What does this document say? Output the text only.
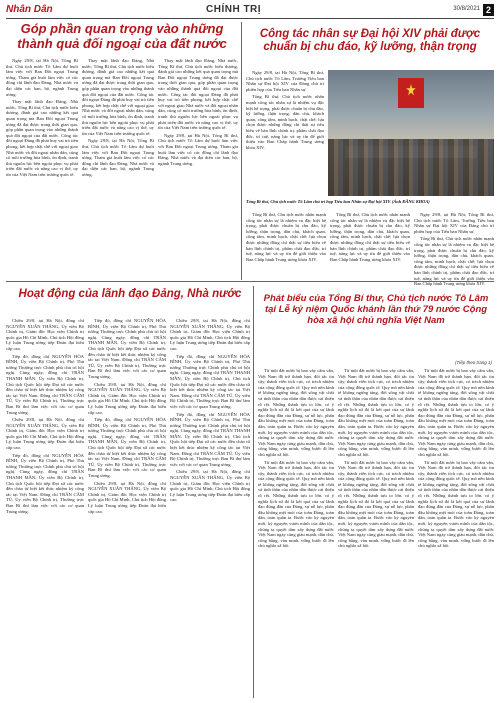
Nhân Dân	CHÍNH TRỊ	30/8/2021 2
Góp phần quan trọng vào những thành quả đối ngoại của đất nước

Ngày 29/8, tại Hà Nội, Tổng Bí thư, Chủ tịch nước Tô Lâm dự buổi làm việc với Ban Đối ngoại Trung ương. Tham gia buổi làm việc có các đồng chí lãnh đạo Đảng, Nhà nước và đại diện các ban, bộ, ngành Trung ương.

Thay mặt lãnh đạo Đảng, Nhà nước, Tổng Bí thư, Chủ tịch nước biểu dương, đánh giá cao những kết quả quan trọng mà Ban Đối ngoại Trung ương đã đạt được trong thời gian qua, góp phần quan trọng vào những thành quả đối ngoại của đất nước. Công tác đối ngoại Đảng đã phát huy vai trò tiên phong, kết hợp chặt chẽ với ngoại giao Nhà nước và đối ngoại nhân dân, củng cố môi trường hòa bình, ổn định, tranh thủ nguồn lực bên ngoài phục vụ phát triển đất nước và nâng cao vị thế, uy tín của Việt Nam trên trường quốc tế.

Thay mặt lãnh đạo Đảng, Nhà nước, Tổng Bí thư, Chủ tịch nước biểu dương, đánh giá cao những kết quả quan trọng mà Ban Đối ngoại Trung ương đã đạt được trong thời gian qua, góp phần quan trọng vào những thành quả đối ngoại của đất nước. Công tác đối ngoại Đảng đã phát huy vai trò tiên phong, kết hợp chặt chẽ với ngoại giao Nhà nước và đối ngoại nhân dân, củng cố môi trường hòa bình, ổn định, tranh thủ nguồn lực bên ngoài phục vụ phát triển đất nước và nâng cao vị thế, uy tín của Việt Nam trên trường quốc tế.

Ngày 29/8, tại Hà Nội, Tổng Bí thư, Chủ tịch nước Tô Lâm dự buổi làm việc với Ban Đối ngoại Trung ương. Tham gia buổi làm việc có các đồng chí lãnh đạo Đảng, Nhà nước và đại diện các ban, bộ, ngành Trung ương.

Thay mặt lãnh đạo Đảng, Nhà nước, Tổng Bí thư, Chủ tịch nước biểu dương, đánh giá cao những kết quả quan trọng mà Ban Đối ngoại Trung ương đã đạt được trong thời gian qua, góp phần quan trọng vào những thành quả đối ngoại của đất nước. Công tác đối ngoại Đảng đã phát huy vai trò tiên phong, kết hợp chặt chẽ với ngoại giao Nhà nước và đối ngoại nhân dân, củng cố môi trường hòa bình, ổn định, tranh thủ nguồn lực bên ngoài phục vụ phát triển đất nước và nâng cao vị thế, uy tín của Việt Nam trên trường quốc tế.

Ngày 29/8, tại Hà Nội, Tổng Bí thư, Chủ tịch nước Tô Lâm dự buổi làm việc với Ban Đối ngoại Trung ương. Tham gia buổi làm việc có các đồng chí lãnh đạo Đảng, Nhà nước và đại diện các ban, bộ, ngành Trung ương.

Công tác nhân sự Đại hội XIV phải được chuẩn bị chu đáo, kỹ lưỡng, thận trọng

Ngày 29/8, tại Hà Nội, Tổng Bí thư, Chủ tịch nước Tô Lâm, Trưởng Tiểu ban Nhân sự Đại hội XIV của Đảng chủ trì phiên họp của Tiểu ban Nhân sự.

Tổng Bí thư, Chủ tịch nước nhấn mạnh công tác nhân sự là nhiệm vụ đặc biệt hệ trọng, phải được chuẩn bị chu đáo, kỹ lưỡng, thận trọng, dân chủ, khách quan, công tâm, minh bạch, chặt chẽ; lựa chọn được những đồng chí thật sự tiêu biểu về bản lĩnh chính trị, phẩm chất đạo đức, trí tuệ, năng lực và uy tín để giới thiệu vào Ban Chấp hành Trung ương khóa XIV.

Tổng Bí thư, Chủ tịch nước Tô Lâm chủ trì họp Tiểu ban Nhân sự Đại hội XIV. (Ảnh ĐĂNG KHOA)

Tổng Bí thư, Chủ tịch nước nhấn mạnh công tác nhân sự là nhiệm vụ đặc biệt hệ trọng, phải được chuẩn bị chu đáo, kỹ lưỡng, thận trọng, dân chủ, khách quan, công tâm, minh bạch, chặt chẽ; lựa chọn được những đồng chí thật sự tiêu biểu về bản lĩnh chính trị, phẩm chất đạo đức, trí tuệ, năng lực và uy tín để giới thiệu vào Ban Chấp hành Trung ương khóa XIV.

Tổng Bí thư, Chủ tịch nước nhấn mạnh công tác nhân sự là nhiệm vụ đặc biệt hệ trọng, phải được chuẩn bị chu đáo, kỹ lưỡng, thận trọng, dân chủ, khách quan, công tâm, minh bạch, chặt chẽ; lựa chọn được những đồng chí thật sự tiêu biểu về bản lĩnh chính trị, phẩm chất đạo đức, trí tuệ, năng lực và uy tín để giới thiệu vào Ban Chấp hành Trung ương khóa XIV.

Ngày 29/8, tại Hà Nội, Tổng Bí thư, Chủ tịch nước Tô Lâm, Trưởng Tiểu ban Nhân sự Đại hội XIV của Đảng chủ trì phiên họp của Tiểu ban Nhân sự.

Tổng Bí thư, Chủ tịch nước nhấn mạnh công tác nhân sự là nhiệm vụ đặc biệt hệ trọng, phải được chuẩn bị chu đáo, kỹ lưỡng, thận trọng, dân chủ, khách quan, công tâm, minh bạch, chặt chẽ; lựa chọn được những đồng chí thật sự tiêu biểu về bản lĩnh chính trị, phẩm chất đạo đức, trí tuệ, năng lực và uy tín để giới thiệu vào Ban Chấp hành Trung ương khóa XIV.

Hoạt động của lãnh đạo Đảng, Nhà nước

Chiều 29/8, tại Hà Nội, đồng chí NGUYỄN XUÂN THẮNG, Ủy viên Bộ Chính trị, Giám đốc Học viện Chính trị quốc gia Hồ Chí Minh, Chủ tịch Hội đồng Lý luận Trung ương tiếp Đoàn đại biểu cấp cao.

Tiếp đó, đồng chí NGUYỄN HÒA BÌNH, Ủy viên Bộ Chính trị, Phó Thủ tướng Thường trực Chính phủ chủ trì hội nghị. Cùng ngày, đồng chí TRẦN THANH MẪN, Ủy viên Bộ Chính trị, Chủ tịch Quốc hội tiếp Đại sứ các nước đến chào từ biệt kết thúc nhiệm kỳ công tác tại Việt Nam. Đồng chí TRẦN CẨM TÚ, Ủy viên Bộ Chính trị, Thường trực Ban Bí thư làm việc với các cơ quan Trung ương.

Chiều 29/8, tại Hà Nội, đồng chí NGUYỄN XUÂN THẮNG, Ủy viên Bộ Chính trị, Giám đốc Học viện Chính trị quốc gia Hồ Chí Minh, Chủ tịch Hội đồng Lý luận Trung ương tiếp Đoàn đại biểu cấp cao.

Tiếp đó, đồng chí NGUYỄN HÒA BÌNH, Ủy viên Bộ Chính trị, Phó Thủ tướng Thường trực Chính phủ chủ trì hội nghị. Cùng ngày, đồng chí TRẦN THANH MẪN, Ủy viên Bộ Chính trị, Chủ tịch Quốc hội tiếp Đại sứ các nước đến chào từ biệt kết thúc nhiệm kỳ công tác tại Việt Nam. Đồng chí TRẦN CẨM TÚ, Ủy viên Bộ Chính trị, Thường trực Ban Bí thư làm việc với các cơ quan Trung ương.

Tiếp đó, đồng chí NGUYỄN HÒA BÌNH, Ủy viên Bộ Chính trị, Phó Thủ tướng Thường trực Chính phủ chủ trì hội nghị. Cùng ngày, đồng chí TRẦN THANH MẪN, Ủy viên Bộ Chính trị, Chủ tịch Quốc hội tiếp Đại sứ các nước đến chào từ biệt kết thúc nhiệm kỳ công tác tại Việt Nam. Đồng chí TRẦN CẨM TÚ, Ủy viên Bộ Chính trị, Thường trực Ban Bí thư làm việc với các cơ quan Trung ương.

Chiều 29/8, tại Hà Nội, đồng chí NGUYỄN XUÂN THẮNG, Ủy viên Bộ Chính trị, Giám đốc Học viện Chính trị quốc gia Hồ Chí Minh, Chủ tịch Hội đồng Lý luận Trung ương tiếp Đoàn đại biểu cấp cao.

Tiếp đó, đồng chí NGUYỄN HÒA BÌNH, Ủy viên Bộ Chính trị, Phó Thủ tướng Thường trực Chính phủ chủ trì hội nghị. Cùng ngày, đồng chí TRẦN THANH MẪN, Ủy viên Bộ Chính trị, Chủ tịch Quốc hội tiếp Đại sứ các nước đến chào từ biệt kết thúc nhiệm kỳ công tác tại Việt Nam. Đồng chí TRẦN CẨM TÚ, Ủy viên Bộ Chính trị, Thường trực Ban Bí thư làm việc với các cơ quan Trung ương.

Chiều 29/8, tại Hà Nội, đồng chí NGUYỄN XUÂN THẮNG, Ủy viên Bộ Chính trị, Giám đốc Học viện Chính trị quốc gia Hồ Chí Minh, Chủ tịch Hội đồng Lý luận Trung ương tiếp Đoàn đại biểu cấp cao.

Chiều 29/8, tại Hà Nội, đồng chí NGUYỄN XUÂN THẮNG, Ủy viên Bộ Chính trị, Giám đốc Học viện Chính trị quốc gia Hồ Chí Minh, Chủ tịch Hội đồng Lý luận Trung ương tiếp Đoàn đại biểu cấp cao.

Tiếp đó, đồng chí NGUYỄN HÒA BÌNH, Ủy viên Bộ Chính trị, Phó Thủ tướng Thường trực Chính phủ chủ trì hội nghị. Cùng ngày, đồng chí TRẦN THANH MẪN, Ủy viên Bộ Chính trị, Chủ tịch Quốc hội tiếp Đại sứ các nước đến chào từ biệt kết thúc nhiệm kỳ công tác tại Việt Nam. Đồng chí TRẦN CẨM TÚ, Ủy viên Bộ Chính trị, Thường trực Ban Bí thư làm việc với các cơ quan Trung ương.

Tiếp đó, đồng chí NGUYỄN HÒA BÌNH, Ủy viên Bộ Chính trị, Phó Thủ tướng Thường trực Chính phủ chủ trì hội nghị. Cùng ngày, đồng chí TRẦN THANH MẪN, Ủy viên Bộ Chính trị, Chủ tịch Quốc hội tiếp Đại sứ các nước đến chào từ biệt kết thúc nhiệm kỳ công tác tại Việt Nam. Đồng chí TRẦN CẨM TÚ, Ủy viên Bộ Chính trị, Thường trực Ban Bí thư làm việc với các cơ quan Trung ương.

Chiều 29/8, tại Hà Nội, đồng chí NGUYỄN XUÂN THẮNG, Ủy viên Bộ Chính trị, Giám đốc Học viện Chính trị quốc gia Hồ Chí Minh, Chủ tịch Hội đồng Lý luận Trung ương tiếp Đoàn đại biểu cấp cao.

Phát biểu của Tổng Bí thư, Chủ tịch nước Tô Lâm tại Lễ kỷ niệm Quốc khánh lần thứ 79 nước Cộng hòa xã hội chủ nghĩa Việt Nam
(Tiếp theo trang 1)

Từ một đất nước bị bao vây cấm vận, Việt Nam đã trở thành bạn, đối tác tin cậy, thành viên tích cực, có trách nhiệm của cộng đồng quốc tế. Quy mô nền kinh tế không ngừng tăng, đời sống vật chất và tinh thần của nhân dân được cải thiện rõ rệt. Những thành tựu to lớn, có ý nghĩa lịch sử đó là kết quả của sự lãnh đạo đúng đắn của Đảng, sự nỗ lực, phấn đấu không mệt mỏi của toàn Đảng, toàn dân, toàn quân ta. Bước vào kỷ nguyên mới, kỷ nguyên vươn mình của dân tộc, chúng ta quyết tâm xây dựng đất nước Việt Nam ngày càng giàu mạnh, dân chủ, công bằng, văn minh, vững bước đi lên chủ nghĩa xã hội.

Từ một đất nước bị bao vây cấm vận, Việt Nam đã trở thành bạn, đối tác tin cậy, thành viên tích cực, có trách nhiệm của cộng đồng quốc tế. Quy mô nền kinh tế không ngừng tăng, đời sống vật chất và tinh thần của nhân dân được cải thiện rõ rệt. Những thành tựu to lớn, có ý nghĩa lịch sử đó là kết quả của sự lãnh đạo đúng đắn của Đảng, sự nỗ lực, phấn đấu không mệt mỏi của toàn Đảng, toàn dân, toàn quân ta. Bước vào kỷ nguyên mới, kỷ nguyên vươn mình của dân tộc, chúng ta quyết tâm xây dựng đất nước Việt Nam ngày càng giàu mạnh, dân chủ, công bằng, văn minh, vững bước đi lên chủ nghĩa xã hội.

Từ một đất nước bị bao vây cấm vận, Việt Nam đã trở thành bạn, đối tác tin cậy, thành viên tích cực, có trách nhiệm của cộng đồng quốc tế. Quy mô nền kinh tế không ngừng tăng, đời sống vật chất và tinh thần của nhân dân được cải thiện rõ rệt. Những thành tựu to lớn, có ý nghĩa lịch sử đó là kết quả của sự lãnh đạo đúng đắn của Đảng, sự nỗ lực, phấn đấu không mệt mỏi của toàn Đảng, toàn dân, toàn quân ta. Bước vào kỷ nguyên mới, kỷ nguyên vươn mình của dân tộc, chúng ta quyết tâm xây dựng đất nước Việt Nam ngày càng giàu mạnh, dân chủ, công bằng, văn minh, vững bước đi lên chủ nghĩa xã hội.

Từ một đất nước bị bao vây cấm vận, Việt Nam đã trở thành bạn, đối tác tin cậy, thành viên tích cực, có trách nhiệm của cộng đồng quốc tế. Quy mô nền kinh tế không ngừng tăng, đời sống vật chất và tinh thần của nhân dân được cải thiện rõ rệt. Những thành tựu to lớn, có ý nghĩa lịch sử đó là kết quả của sự lãnh đạo đúng đắn của Đảng, sự nỗ lực, phấn đấu không mệt mỏi của toàn Đảng, toàn dân, toàn quân ta. Bước vào kỷ nguyên mới, kỷ nguyên vươn mình của dân tộc, chúng ta quyết tâm xây dựng đất nước Việt Nam ngày càng giàu mạnh, dân chủ, công bằng, văn minh, vững bước đi lên chủ nghĩa xã hội.

Từ một đất nước bị bao vây cấm vận, Việt Nam đã trở thành bạn, đối tác tin cậy, thành viên tích cực, có trách nhiệm của cộng đồng quốc tế. Quy mô nền kinh tế không ngừng tăng, đời sống vật chất và tinh thần của nhân dân được cải thiện rõ rệt. Những thành tựu to lớn, có ý nghĩa lịch sử đó là kết quả của sự lãnh đạo đúng đắn của Đảng, sự nỗ lực, phấn đấu không mệt mỏi của toàn Đảng, toàn dân, toàn quân ta. Bước vào kỷ nguyên mới, kỷ nguyên vươn mình của dân tộc, chúng ta quyết tâm xây dựng đất nước Việt Nam ngày càng giàu mạnh, dân chủ, công bằng, văn minh, vững bước đi lên chủ nghĩa xã hội.

Từ một đất nước bị bao vây cấm vận, Việt Nam đã trở thành bạn, đối tác tin cậy, thành viên tích cực, có trách nhiệm của cộng đồng quốc tế. Quy mô nền kinh tế không ngừng tăng, đời sống vật chất và tinh thần của nhân dân được cải thiện rõ rệt. Những thành tựu to lớn, có ý nghĩa lịch sử đó là kết quả của sự lãnh đạo đúng đắn của Đảng, sự nỗ lực, phấn đấu không mệt mỏi của toàn Đảng, toàn dân, toàn quân ta. Bước vào kỷ nguyên mới, kỷ nguyên vươn mình của dân tộc, chúng ta quyết tâm xây dựng đất nước Việt Nam ngày càng giàu mạnh, dân chủ, công bằng, văn minh, vững bước đi lên chủ nghĩa xã hội.
